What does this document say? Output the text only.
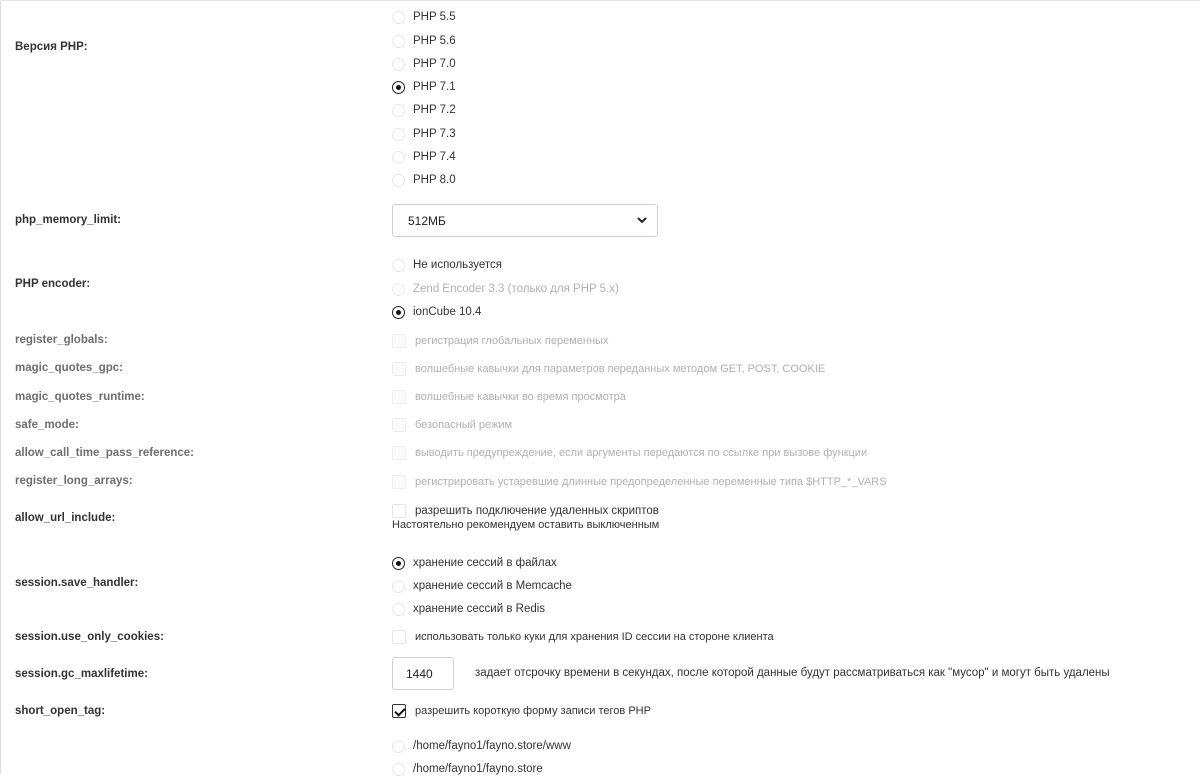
Версия PHP:
PHP 5.5
PHP 5.6
PHP 7.0
PHP 7.1
PHP 7.2
PHP 7.3
PHP 7.4
PHP 8.0
php_memory_limit:	512МБ
PHP encoder:
Не используется
Zend Encoder 3.3 (только для PHP 5.x)
ionCube 10.4
register_globals:	регистрация глобальных переменных
magic_quotes_gpc:	волшебные кавычки для параметров переданных методом GET, POST, COOKIE
magic_quotes_runtime:	волшебные кавычки во время просмотра
safe_mode:	безопасный режим
allow_call_time_pass_reference:	выводить предупреждение, если аргументы передаются по ссылке при вызове функции
register_long_arrays:	регистрировать устаревшие длинные предопределенные переменные типа $HTTP_*_VARS
allow_url_include:
разрешить подключение удаленных скриптов
Настоятельно рекомендуем оставить выключенным
session.save_handler:
хранение сессий в файлах
хранение сессий в Memcache
хранение сессий в Redis
session.use_only_cookies:	использовать только куки для хранения ID сессии на стороне клиента
session.gc_maxlifetime:	1440	задает отсрочку времени в секундах, после которой данные будут рассматриваться как "мусор" и могут быть удалены
short_open_tag:	разрешить короткую форму записи тегов PHP
/home/fayno1/fayno.store/www
/home/fayno1/fayno.store
